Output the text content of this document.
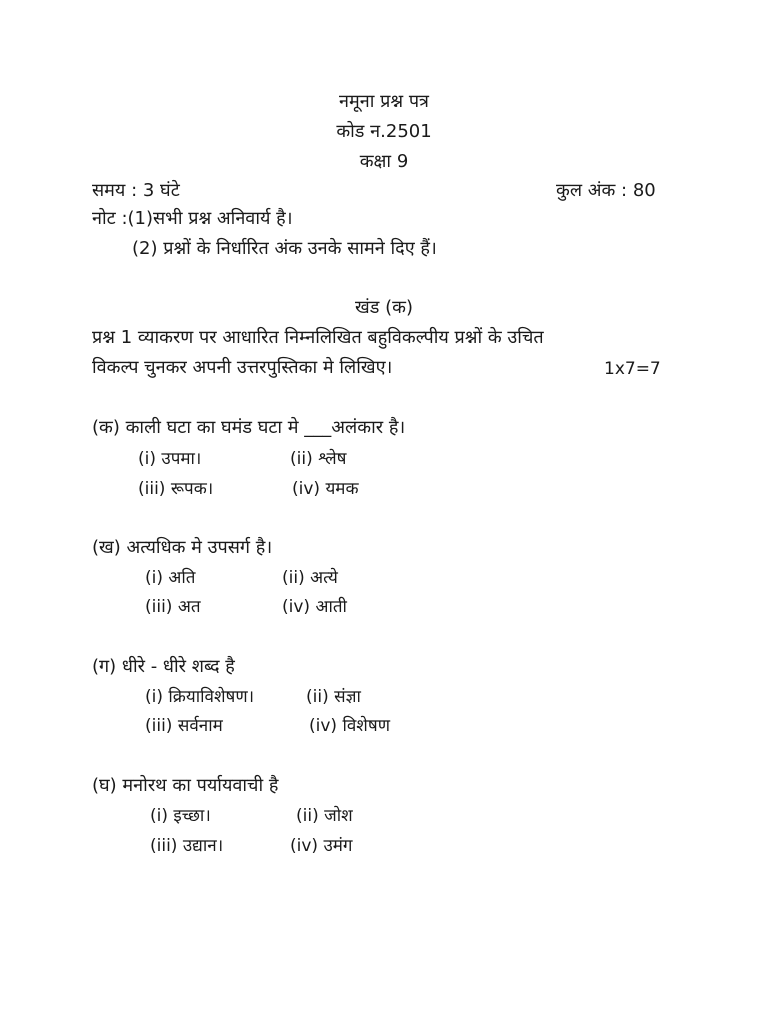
नमूना प्रश्न पत्र
कोड न.2501
कक्षा 9
समय : 3 घंटे	कुल अंक : 80
नोट :(1)सभी प्रश्न अनिवार्य है।
(2) प्रश्नों के निर्धारित अंक उनके सामने दिए हैं।
खंड (क)
प्रश्न 1 व्याकरण पर आधारित निम्नलिखित बहुविकल्पीय प्रश्नों के उचित
विकल्प चुनकर अपनी उत्तरपुस्तिका मे लिखिए।	1x7=7
(क) काली घटा का घमंड घटा मे ___अलंकार है।
(i) उपमा।	(ii) श्लेष
(iii) रूपक।	(iv) यमक
(ख) अत्यधिक मे उपसर्ग है।
(i) अति	(ii) अत्ये
(iii) अत	(iv) आती
(ग) धीरे - धीरे शब्द है
(i) क्रियाविशेषण।	(ii) संज्ञा
(iii) सर्वनाम	(iv) विशेषण
(घ) मनोरथ का पर्यायवाची है
(i) इच्छा।	(ii) जोश
(iii) उद्यान।	(iv) उमंग
